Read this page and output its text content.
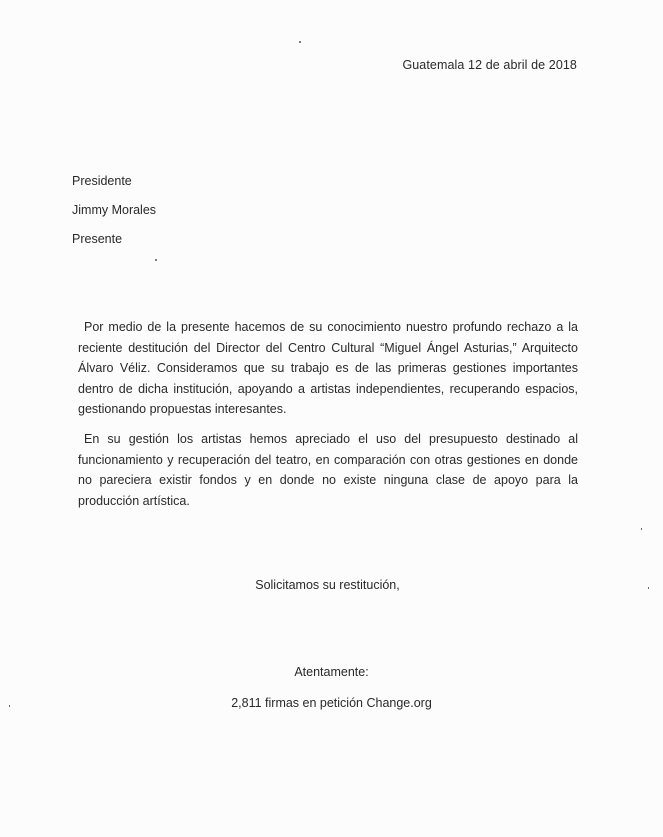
Guatemala 12 de abril de 2018
Presidente
Jimmy Morales
Presente
Por medio de la presente hacemos de su conocimiento nuestro profundo rechazo a la reciente destitución del Director del Centro Cultural “Miguel Ángel Asturias,” Arquitecto Álvaro Véliz. Consideramos que su trabajo es de las primeras gestiones importantes dentro de dicha institución, apoyando a artistas independientes, recuperando espacios, gestionando propuestas interesantes.
En su gestión los artistas hemos apreciado el uso del presupuesto destinado al funcionamiento y recuperación del teatro, en comparación con otras gestiones en donde no pareciera existir fondos y en donde no existe ninguna clase de apoyo para la producción artística.
Solicitamos su restitución,
Atentamente:
2,811 firmas en petición Change.org
